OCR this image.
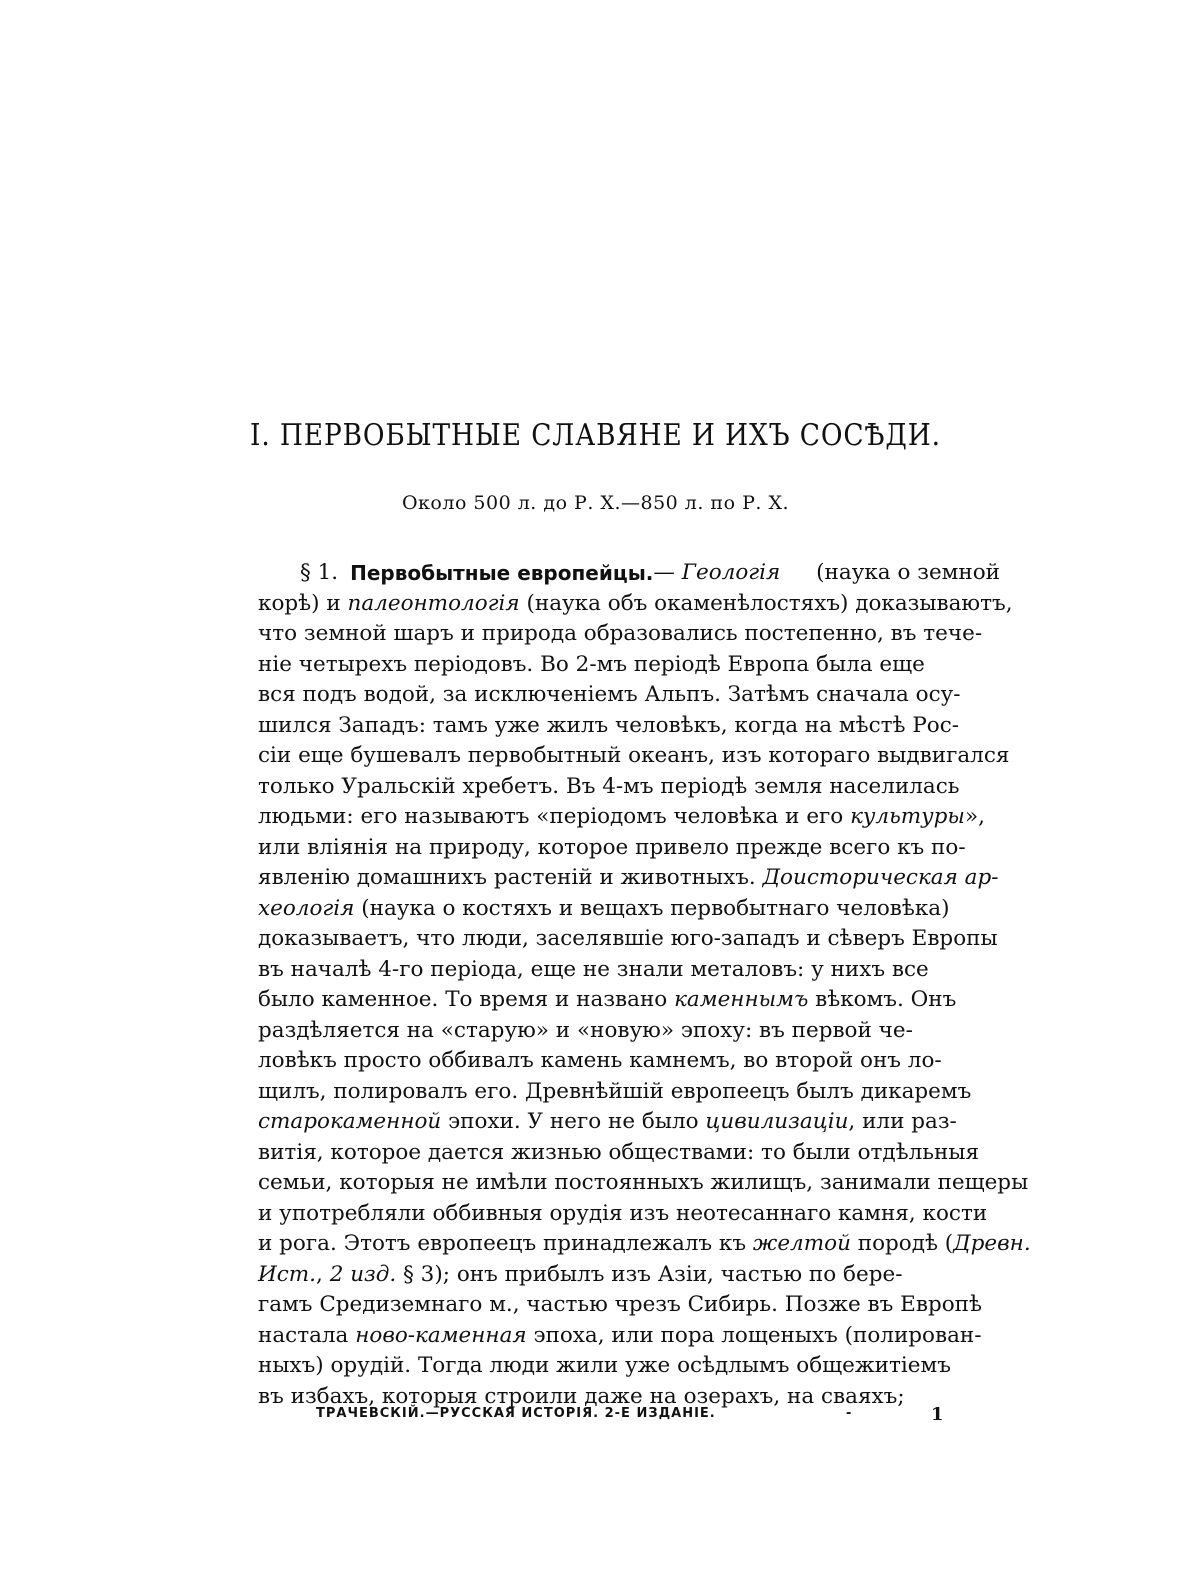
I. ПЕРВОБЫТНЫЕ СЛАВЯНЕ И ИХЪ СОСѢДИ.
Около 500 л. до Р. X.—850 л. по Р. X.
§ 1. Первобытные европейцы. — Геологія (наука о земной
корѣ) и палеонтологія (наука объ окаменѣлостяхъ) доказываютъ,
что земной шаръ и природа образовались постепенно, въ тече-
ніе четырехъ періодовъ. Во 2-мъ періодѣ Европа была еще
вся подъ водой, за исключеніемъ Альпъ. Затѣмъ сначала осу-
шился Западъ: тамъ уже жилъ человѣкъ, когда на мѣстѣ Рос-
сіи еще бушевалъ первобытный океанъ, изъ котораго выдвигался
только Уральскій хребетъ. Въ 4-мъ періодѣ земля населилась
людьми: его называютъ «періодомъ человѣка и его культуры »,
или вліянія на природу, которое привело прежде всего къ по-
явленію домашнихъ растеній и животныхъ. Доисторическая ар-
хеологія (наука о костяхъ и вещахъ первобытнаго человѣка)
доказываетъ, что люди, заселявшіе юго-западъ и сѣверъ Европы
въ началѣ 4-го періода, еще не знали металовъ: у нихъ все
было каменное. То время и названо каменнымъ вѣкомъ. Онъ
раздѣляется на «старую» и «новую» эпоху: въ первой че-
ловѣкъ просто оббивалъ камень камнемъ, во второй онъ ло-
щилъ, полировалъ его. Древнѣйшій европеецъ былъ дикаремъ
старокаменной эпохи. У него не было цивилизаціи , или раз-
витія, которое дается жизнью обществами: то были отдѣльныя
семьи, которыя не имѣли постоянныхъ жилищъ, занимали пещеры
и употребляли оббивныя орудія изъ неотесаннаго камня, кости
и рога. Этотъ европеецъ принадлежалъ къ желтой породѣ ( Древн.
Ист. , 2 изд. § 3); онъ прибылъ изъ Азіи, частью по бере-
гамъ Средиземнаго м., частью чрезъ Сибирь. Позже въ Европѣ
настала ново-каменная эпоха, или пора лощеныхъ (полирован-
ныхъ) орудій. Тогда люди жили уже осѣдлымъ общежитіемъ
въ избахъ, которыя строили даже на озерахъ, на сваяхъ;
ТРАЧЕВСКІЙ.—РУССКАЯ ИСТОРІЯ. 2-Е ИЗДАНІЕ.	-	1
